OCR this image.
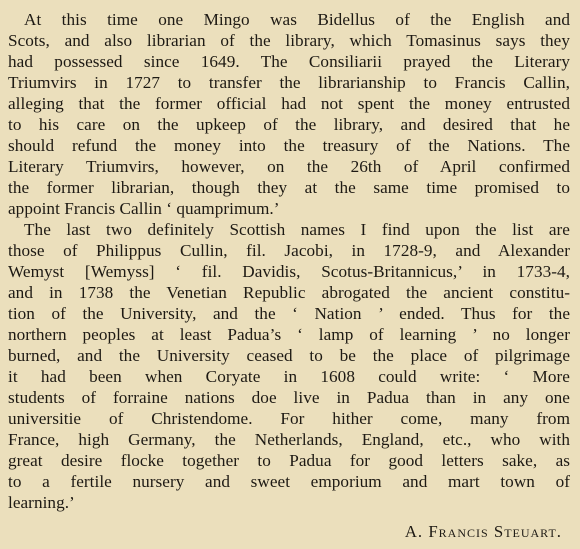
At this time one Mingo was Bidellus of the English and
Scots, and also librarian of the library, which Tomasinus says they
had possessed since 1649. The Consiliarii prayed the Literary
Triumvirs in 1727 to transfer the librarianship to Francis Callin,
alleging that the former official had not spent the money entrusted
to his care on the upkeep of the library, and desired that he
should refund the money into the treasury of the Nations. The
Literary Triumvirs, however, on the 26th of April confirmed
the former librarian, though they at the same time promised to
appoint Francis Callin ‘ quamprimum.’
The last two definitely Scottish names I find upon the list are
those of Philippus Cullin, fil. Jacobi, in 1728-9, and Alexander
Wemyst [Wemyss] ‘ fil. Davidis, Scotus-Britannicus,’ in 1733-4,
and in 1738 the Venetian Republic abrogated the ancient constitu-
tion of the University, and the ‘ Nation ’ ended. Thus for the
northern peoples at least Padua’s ‘ lamp of learning ’ no longer
burned, and the University ceased to be the place of pilgrimage
it had been when Coryate in 1608 could write: ‘ More
students of forraine nations doe live in Padua than in any one
universitie of Christendome. For hither come, many from
France, high Germany, the Netherlands, England, etc., who with
great desire flocke together to Padua for good letters sake, as
to a fertile nursery and sweet emporium and mart town of
learning.’
A. Francis Steuart.
